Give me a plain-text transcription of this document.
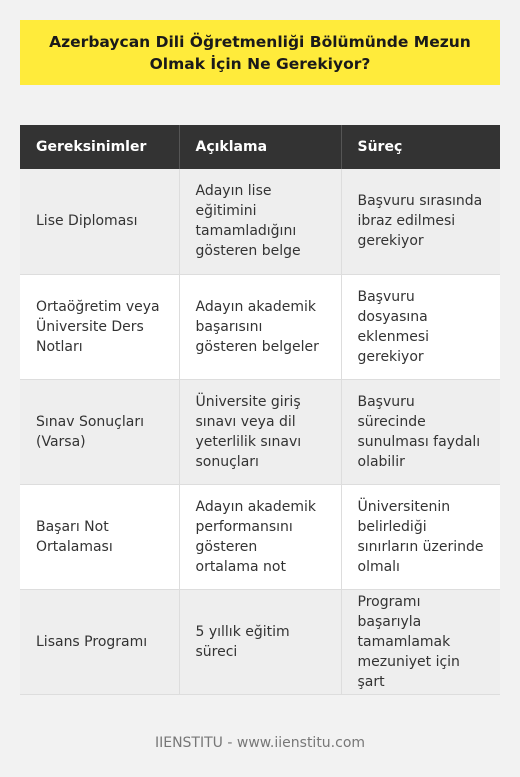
Azerbaycan Dili Öğretmenliği Bölümünde Mezun Olmak İçin Ne Gerekiyor?
Gereksinimler	Açıklama	Süreç
Lise Diploması	Adayın lise eğitimini tamamladığını gösteren belge	Başvuru sırasında ibraz edilmesi gerekiyor
Ortaöğretim veya Üniversite Ders Notları	Adayın akademik başarısını gösteren belgeler	Başvuru dosyasına eklenmesi gerekiyor
Sınav Sonuçları (Varsa)	Üniversite giriş sınavı veya dil yeterlilik sınavı sonuçları	Başvuru sürecinde sunulması faydalı olabilir
Başarı Not Ortalaması	Adayın akademik performansını gösteren ortalama not	Üniversitenin belirlediği sınırların üzerinde olmalı
Lisans Programı	5 yıllık eğitim süreci	Programı başarıyla tamamlamak mezuniyet için şart
IIENSTITU - www.iienstitu.com
